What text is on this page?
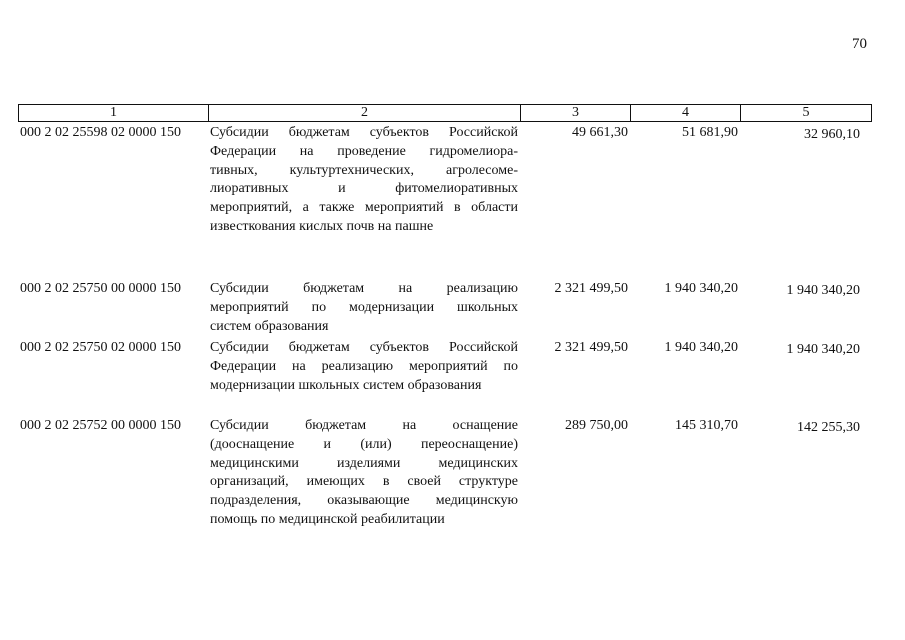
70
1	2	3	4	5
000 2 02 25598 02 0000 150	Субсидии бюджетам субъектов Российской
Федерации на проведение гидромелиора-
тивных, культуртехнических, агролесоме-
лиоративных и фитомелиоративных
мероприятий, а также мероприятий в области
известкования кислых почв на пашне
49 661,30	51 681,90	32 960,10
000 2 02 25750 00 0000 150	Субсидии бюджетам на реализацию
мероприятий по модернизации школьных
систем образования
2 321 499,50	1 940 340,20	1 940 340,20
000 2 02 25750 02 0000 150	Субсидии бюджетам субъектов Российской
Федерации на реализацию мероприятий по
модернизации школьных систем образования
2 321 499,50	1 940 340,20	1 940 340,20
000 2 02 25752 00 0000 150	Субсидии бюджетам на оснащение
(дооснащение и (или) переоснащение)
медицинскими изделиями медицинских
организаций, имеющих в своей структуре
подразделения, оказывающие медицинскую
помощь по медицинской реабилитации
289 750,00	145 310,70	142 255,30
